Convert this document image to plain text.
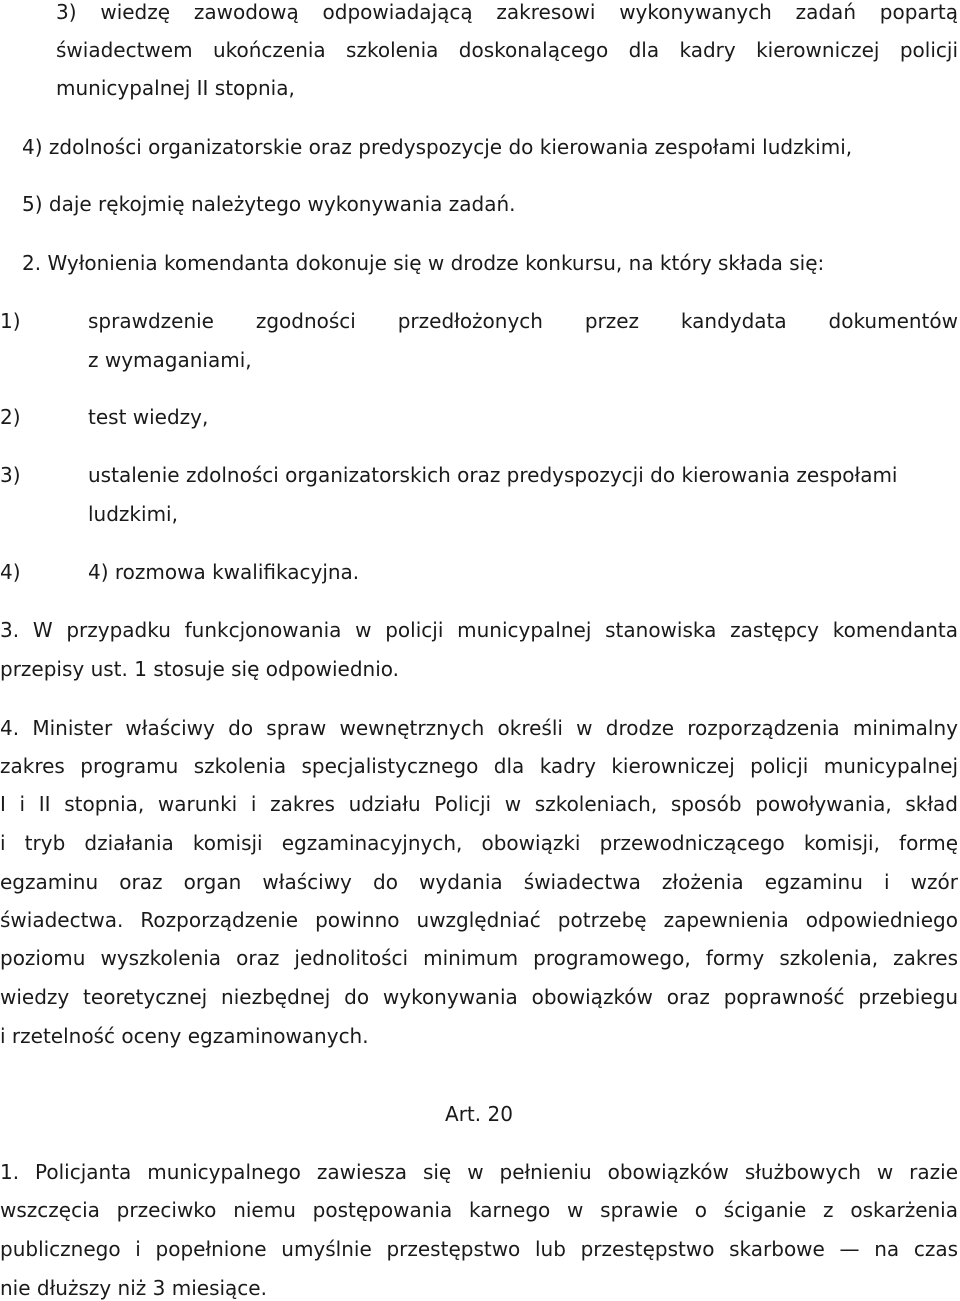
3) wiedzę zawodową odpowiadającą zakresowi wykonywanych zadań popartą
świadectwem ukończenia szkolenia doskonalącego dla kadry kierowniczej policji
municypalnej II stopnia,
4) zdolności organizatorskie oraz predyspozycje do kierowania zespołami ludzkimi,
5) daje rękojmię należytego wykonywania zadań.
2. Wyłonienia komendanta dokonuje się w drodze konkursu, na który składa się:
1)	sprawdzenie zgodności przedłożonych przez kandydata dokumentów
z wymaganiami,
2)	test wiedzy,
3)	ustalenie zdolności organizatorskich oraz predyspozycji do kierowania zespołami
ludzkimi,
4)	4) rozmowa kwalifikacyjna.
3. W przypadku funkcjonowania w policji municypalnej stanowiska zastępcy komendanta
przepisy ust. 1 stosuje się odpowiednio.
4. Minister właściwy do spraw wewnętrznych określi w drodze rozporządzenia minimalny
zakres programu szkolenia specjalistycznego dla kadry kierowniczej policji municypalnej
I i II stopnia, warunki i zakres udziału Policji w szkoleniach, sposób powoływania, skład
i tryb działania komisji egzaminacyjnych, obowiązki przewodniczącego komisji, formę
egzaminu oraz organ właściwy do wydania świadectwa złożenia egzaminu i wzór
świadectwa. Rozporządzenie powinno uwzględniać potrzebę zapewnienia odpowiedniego
poziomu wyszkolenia oraz jednolitości minimum programowego, formy szkolenia, zakres
wiedzy teoretycznej niezbędnej do wykonywania obowiązków oraz poprawność przebiegu
i rzetelność oceny egzaminowanych.
Art. 20
1. Policjanta municypalnego zawiesza się w pełnieniu obowiązków służbowych w razie
wszczęcia przeciwko niemu postępowania karnego w sprawie o ściganie z oskarżenia
publicznego i popełnione umyślnie przestępstwo lub przestępstwo skarbowe — na czas
nie dłuższy niż 3 miesiące.
